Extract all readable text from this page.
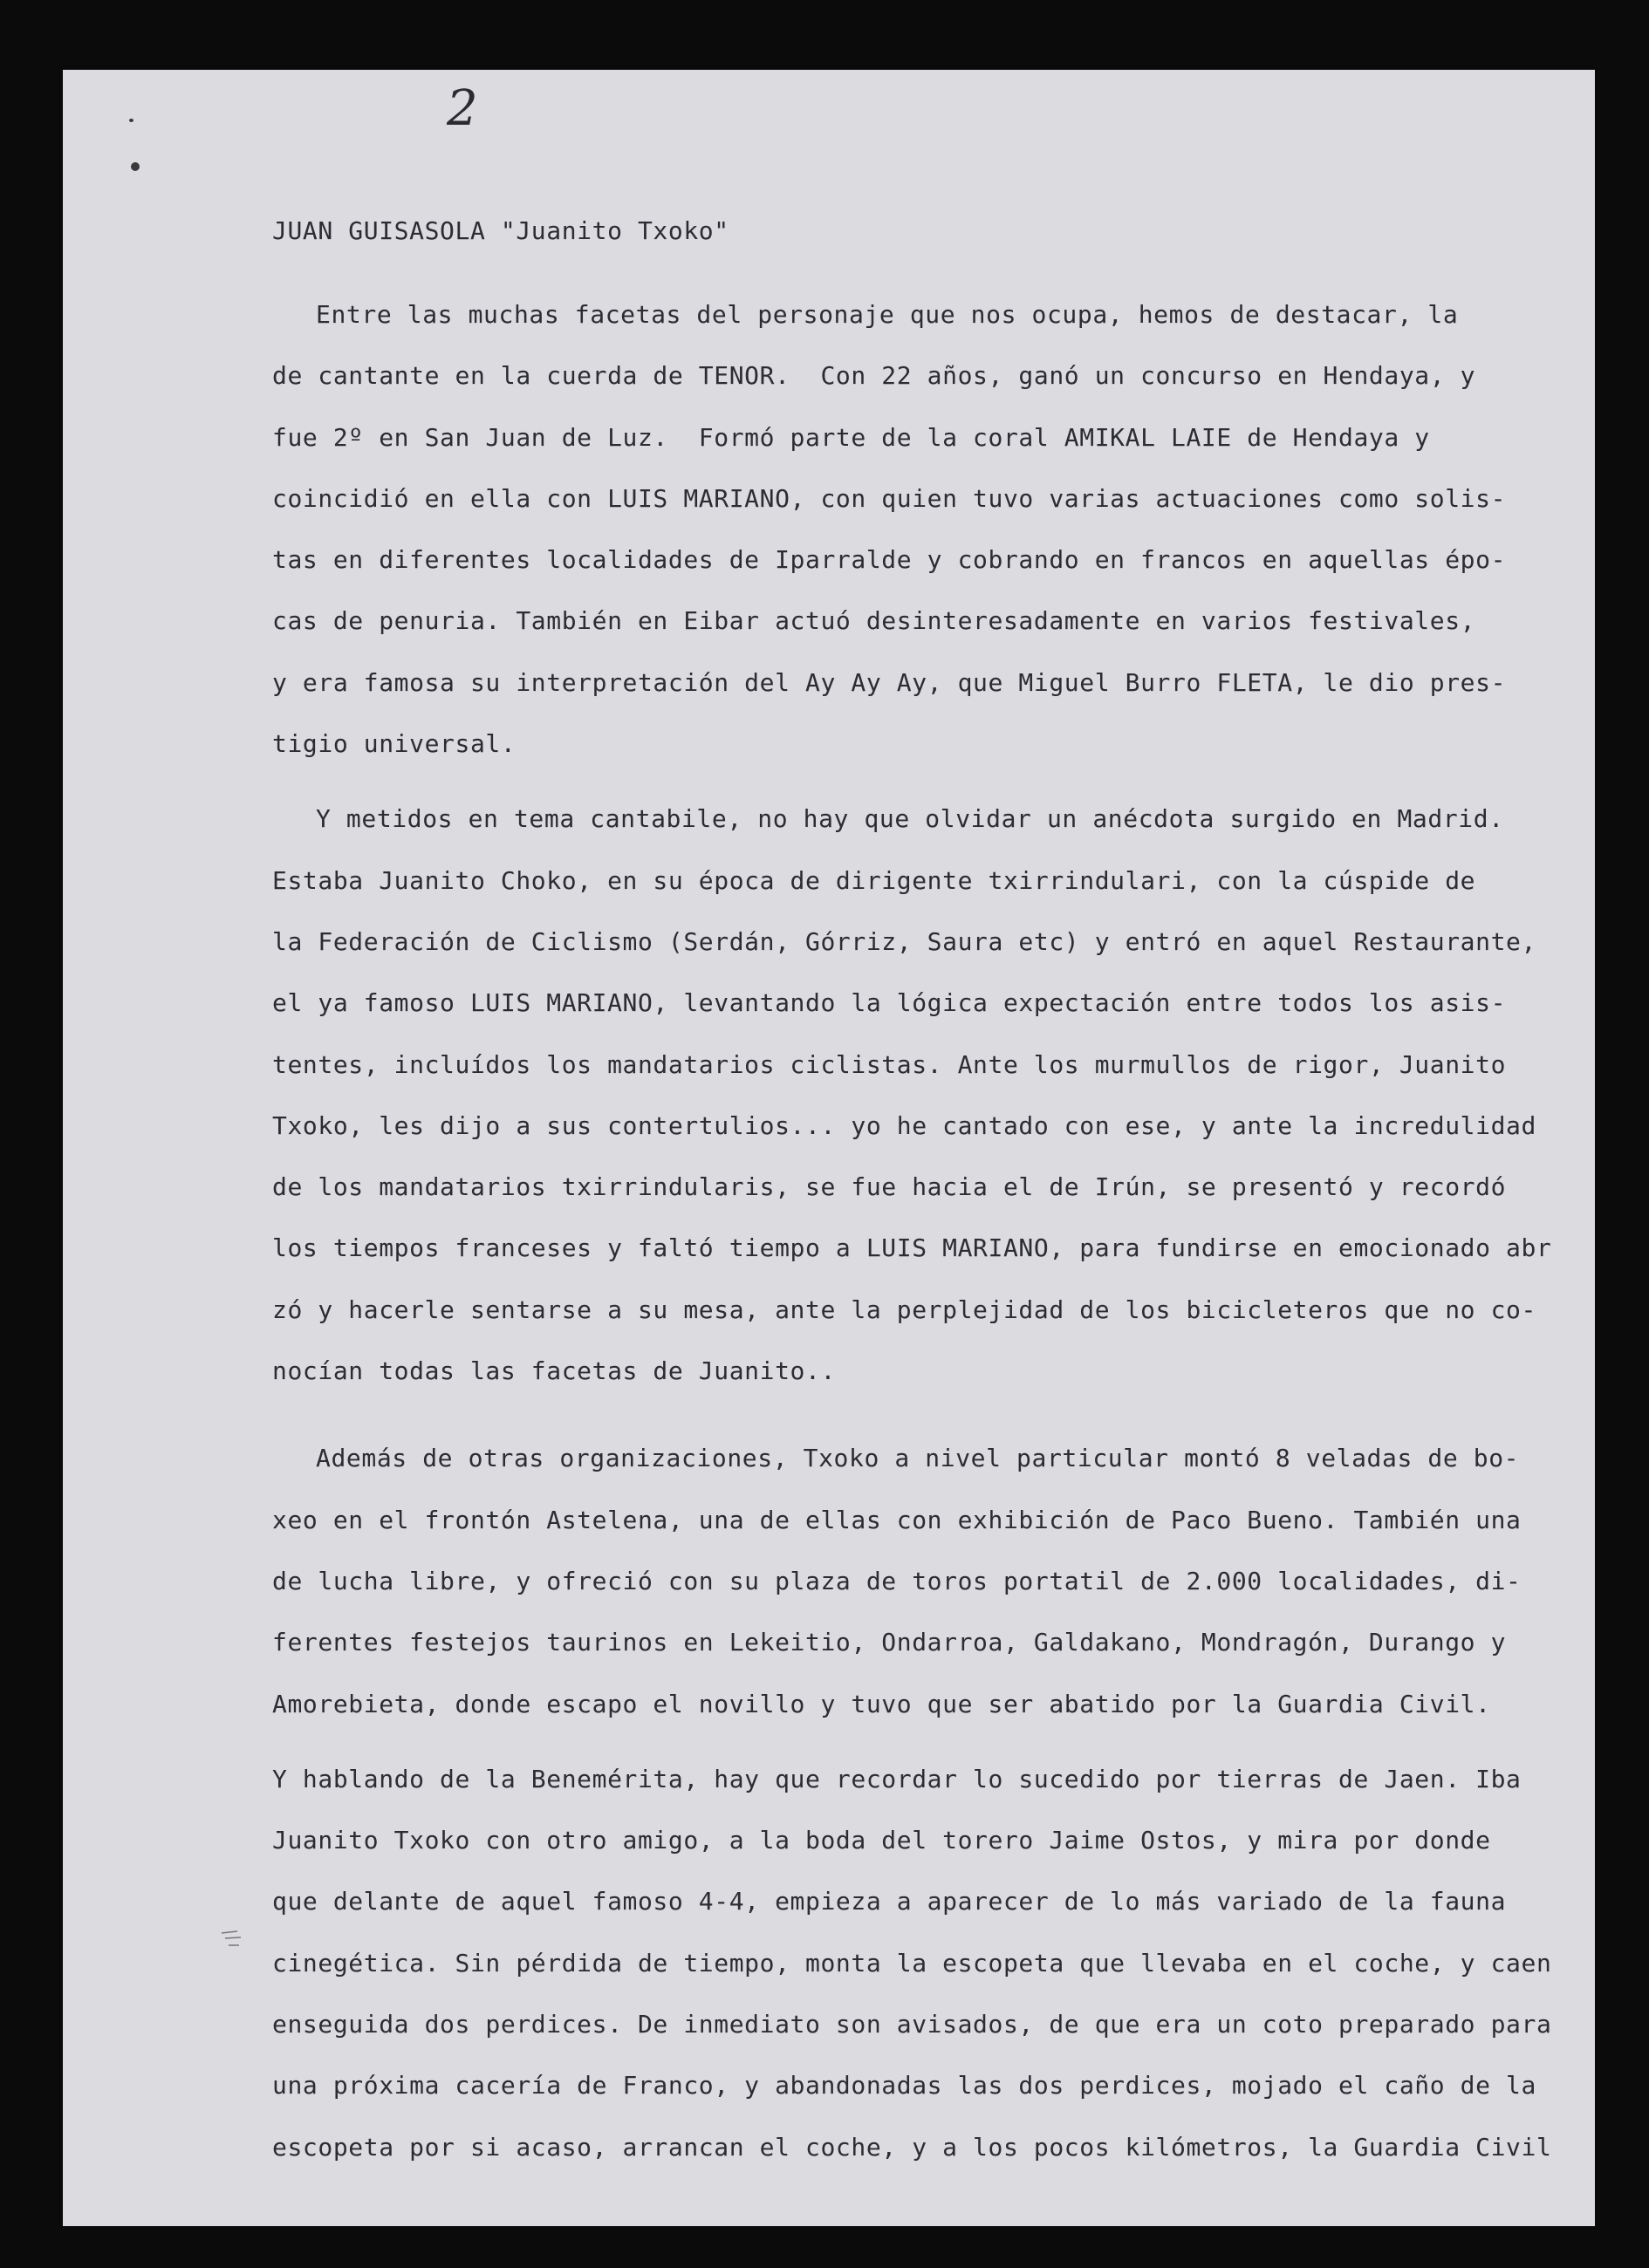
2
JUAN GUISASOLA "Juanito Txoko"
Entre las muchas facetas del personaje que nos ocupa, hemos de destacar, la
de cantante en la cuerda de TENOR.  Con 22 años, ganó un concurso en Hendaya, y
fue 2º en San Juan de Luz.  Formó parte de la coral AMIKAL LAIE de Hendaya y
coincidió en ella con LUIS MARIANO, con quien tuvo varias actuaciones como solis-
tas en diferentes localidades de Iparralde y cobrando en francos en aquellas épo-
cas de penuria. También en Eibar actuó desinteresadamente en varios festivales,
y era famosa su interpretación del Ay Ay Ay, que Miguel Burro FLETA, le dio pres-
tigio universal.
Y metidos en tema cantabile, no hay que olvidar un anécdota surgido en Madrid.
Estaba Juanito Choko, en su época de dirigente txirrindulari, con la cúspide de
la Federación de Ciclismo (Serdán, Górriz, Saura etc) y entró en aquel Restaurante,
el ya famoso LUIS MARIANO, levantando la lógica expectación entre todos los asis-
tentes, incluídos los mandatarios ciclistas. Ante los murmullos de rigor, Juanito
Txoko, les dijo a sus contertulios... yo he cantado con ese, y ante la incredulidad
de los mandatarios txirrindularis, se fue hacia el de Irún, se presentó y recordó
los tiempos franceses y faltó tiempo a LUIS MARIANO, para fundirse en emocionado abr
zó y hacerle sentarse a su mesa, ante la perplejidad de los bicicleteros que no co-
nocían todas las facetas de Juanito..
Además de otras organizaciones, Txoko a nivel particular montó 8 veladas de bo-
xeo en el frontón Astelena, una de ellas con exhibición de Paco Bueno. También una
de lucha libre, y ofreció con su plaza de toros portatil de 2.000 localidades, di-
ferentes festejos taurinos en Lekeitio, Ondarroa, Galdakano, Mondragón, Durango y
Amorebieta, donde escapo el novillo y tuvo que ser abatido por la Guardia Civil.
Y hablando de la Benemérita, hay que recordar lo sucedido por tierras de Jaen. Iba
Juanito Txoko con otro amigo, a la boda del torero Jaime Ostos, y mira por donde
que delante de aquel famoso 4-4, empieza a aparecer de lo más variado de la fauna
cinegética. Sin pérdida de tiempo, monta la escopeta que llevaba en el coche, y caen
enseguida dos perdices. De inmediato son avisados, de que era un coto preparado para
una próxima cacería de Franco, y abandonadas las dos perdices, mojado el caño de la
escopeta por si acaso, arrancan el coche, y a los pocos kilómetros, la Guardia Civil
